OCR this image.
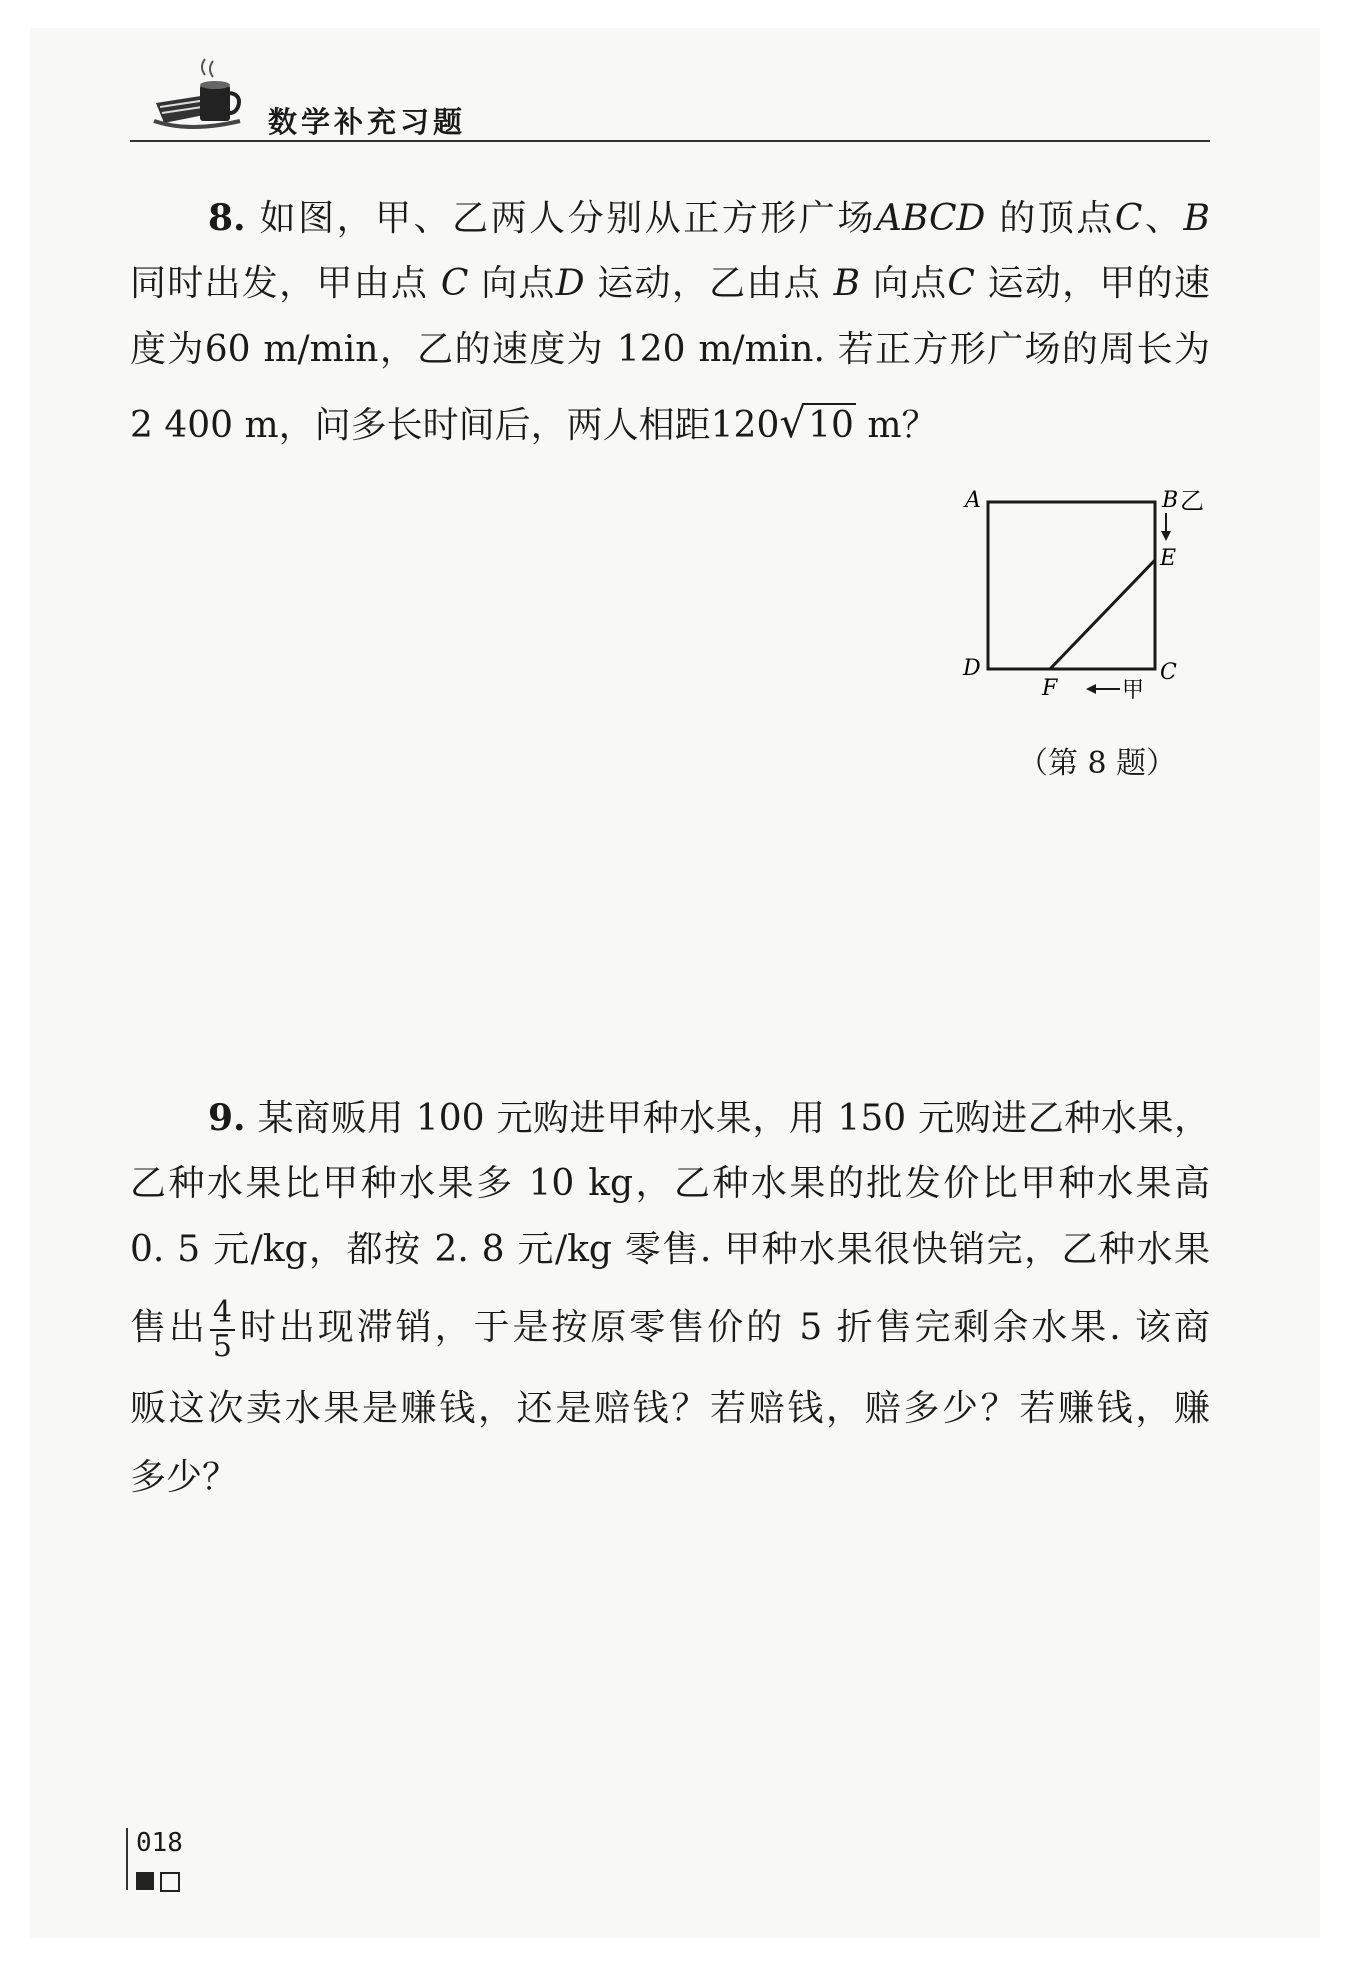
数学补充习题
8. 如图，甲、乙两人分别从正方形广场ABCD 的顶点C、B
同时出发，甲由点 C 向点D 运动，乙由点 B 向点C 运动，甲的速
度为60 m/min，乙的速度为 120 m/min. 若正方形广场的周长为
2 400 m，问多长时间后，两人相距120√10 m？
A	B 乙
E
D
F
C
甲
（第 8 题）
9. 某商贩用 100 元购进甲种水果，用 150 元购进乙种水果，
乙种水果比甲种水果多 10 kg，乙种水果的批发价比甲种水果高
0. 5 元/kg，都按 2. 8 元/kg 零售. 甲种水果很快销完，乙种水果
售出 $\frac{4}{5}$ 时出现滞销，于是按原零售价的 5 折售完剩余水果. 该商
贩这次卖水果是赚钱，还是赔钱？若赔钱，赔多少？若赚钱，赚
多少？
018
